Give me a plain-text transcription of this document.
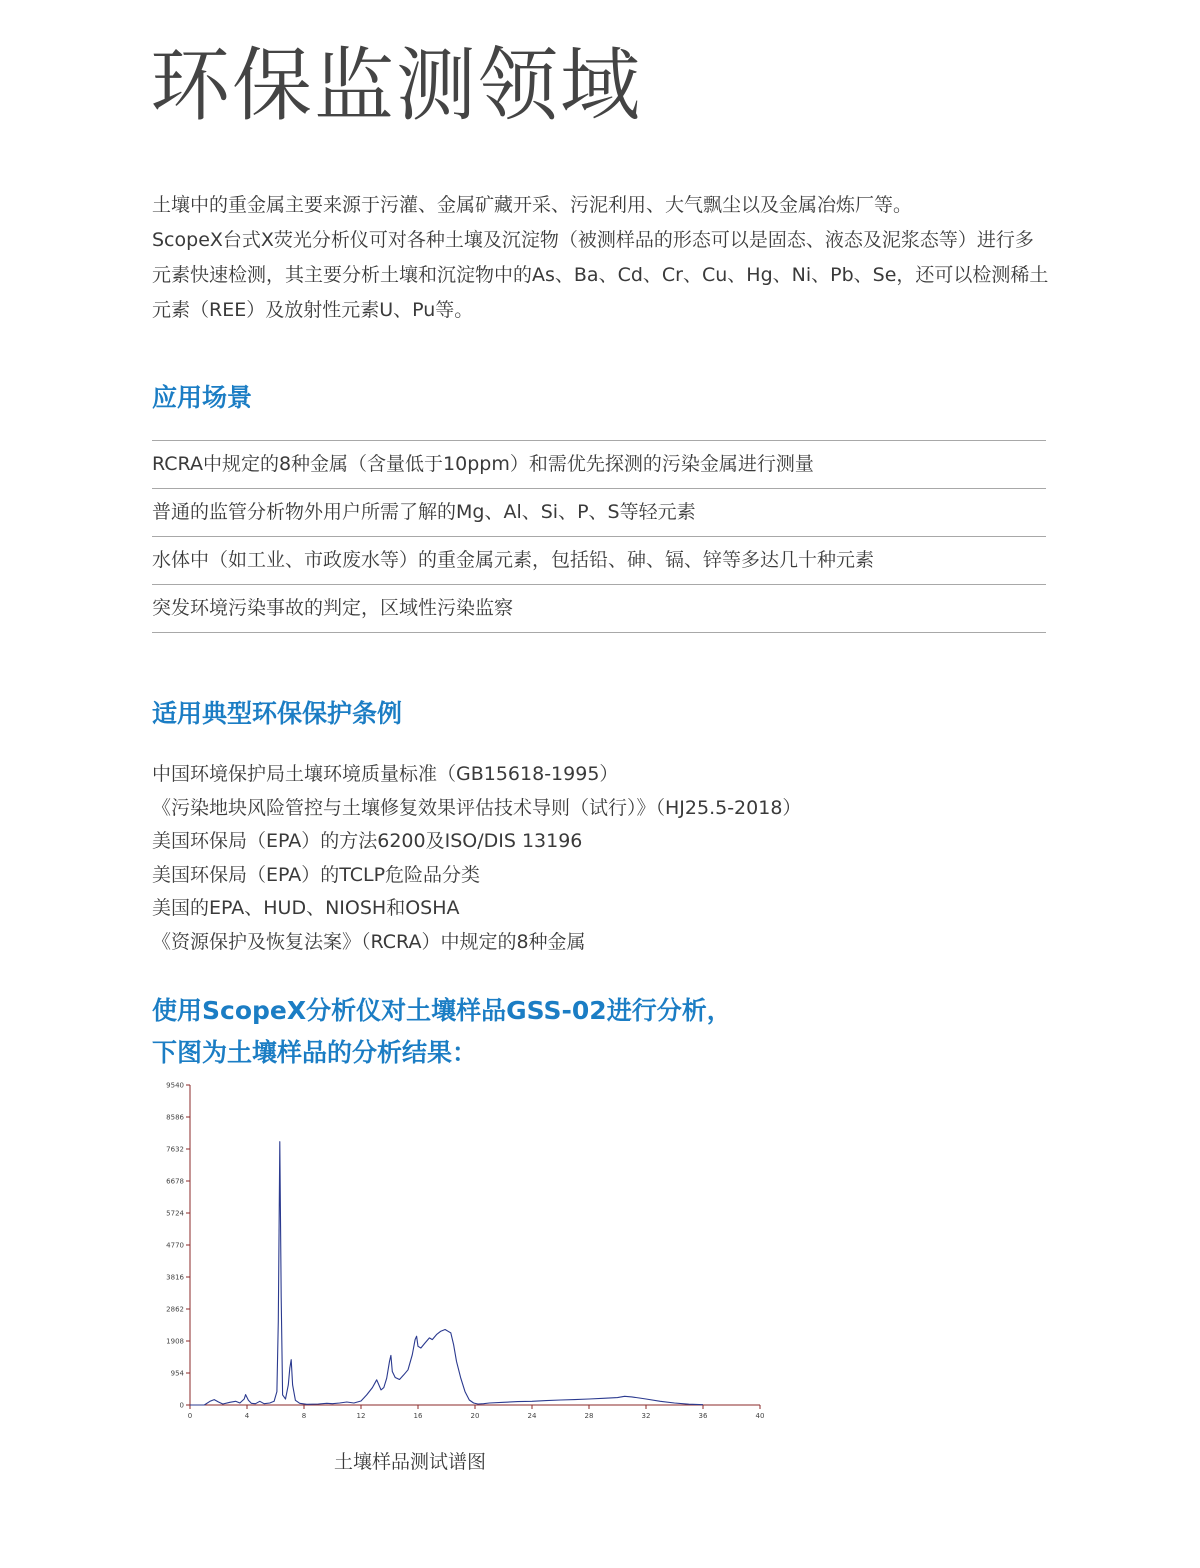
环保监测领域

土壤中的重金属主要来源于污灌、金属矿藏开采、污泥利用、大气飘尘以及金属冶炼厂等。

ScopeX台式X荧光分析仪可对各种土壤及沉淀物（被测样品的形态可以是固态、液态及泥浆态等）进行多元素快速检测，其主要分析土壤和沉淀物中的As、Ba、Cd、Cr、Cu、Hg、Ni、Pb、Se，还可以检测稀土元素（REE）及放射性元素U、Pu等。

应用场景
RCRA中规定的8种金属（含量低于10ppm）和需优先探测的污染金属进行测量
普通的监管分析物外用户所需了解的Mg、Al、Si、P、S等轻元素
水体中（如工业、市政废水等）的重金属元素，包括铅、砷、镉、锌等多达几十种元素
突发环境污染事故的判定，区域性污染监察
适用典型环保保护条例
中国环境保护局土壤环境质量标准（GB15618-1995）
《污染地块风险管控与土壤修复效果评估技术导则（试行）》（HJ25.5-2018）
美国环保局（EPA）的方法6200及ISO/DIS 13196
美国环保局（EPA）的TCLP危险品分类
美国的EPA、HUD、NIOSH和OSHA
《资源保护及恢复法案》（RCRA）中规定的8种金属
使用ScopeX分析仪对土壤样品GSS-02进行分析，
下图为土壤样品的分析结果：
0
954
1908
2862
3816
4770
5724
6678
7632
8586
9540
0	4	8	12	16	20	24	28	32	36	40
土壤样品测试谱图
